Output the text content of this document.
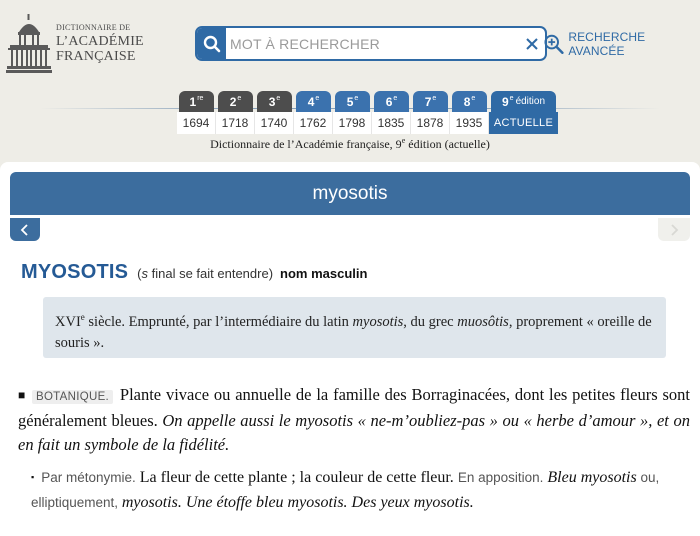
DICTIONNAIRE DE
L’ACADÉMIE
FRANÇAISE
MOT À RECHERCHER
RECHERCHE AVANCÉE
1re
1694
2e
1718
3e
1740
4e
1762
5e
1798
6e
1835
7e
1878
8e
1935
9e édition
ACTUELLE
Dictionnaire de l’Académie française, 9e édition (actuelle)
myosotis
MYOSOTIS (s final se fait entendre) nom masculin
XVIe siècle. Emprunté, par l’intermédiaire du latin myosotis, du grec muosôtis, proprement « oreille de souris ».
■ BOTANIQUE. Plante vivace ou annuelle de la famille des Borraginacées, dont les petites fleurs sont généralement bleues. On appelle aussi le myosotis « ne-m’oubliez-pas » ou « herbe d’amour », et on en fait un symbole de la fidélité.
▪ Par métonymie. La fleur de cette plante ; la couleur de cette fleur. En apposition. Bleu myosotis ou, elliptiquement, myosotis. Une étoffe bleu myosotis. Des yeux myosotis.
